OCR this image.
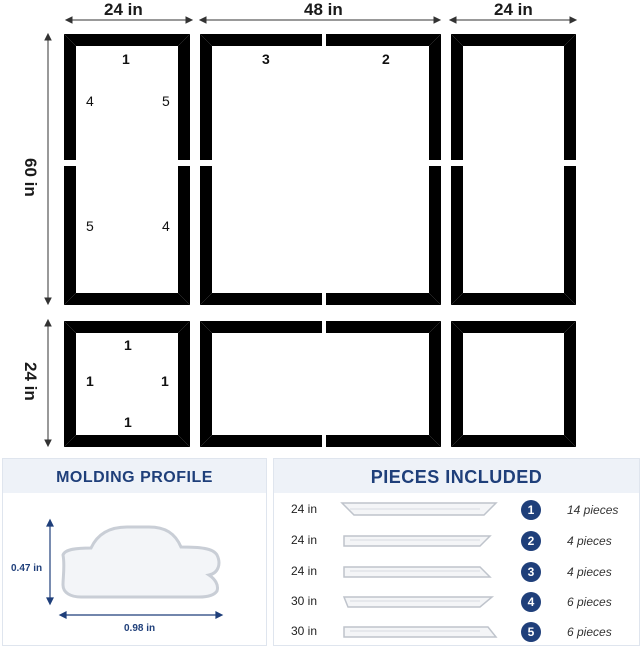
24 in	48 in	24 in
60 in
24 in
1
4	5
5	4
3	2
1
1	1
1
MOLDING PROFILE
0.47 in
0.98 in
PIECES INCLUDED
24 in	1	14 pieces
24 in	2	4 pieces
24 in	3	4 pieces
30 in	4	6 pieces
30 in	5	6 pieces
